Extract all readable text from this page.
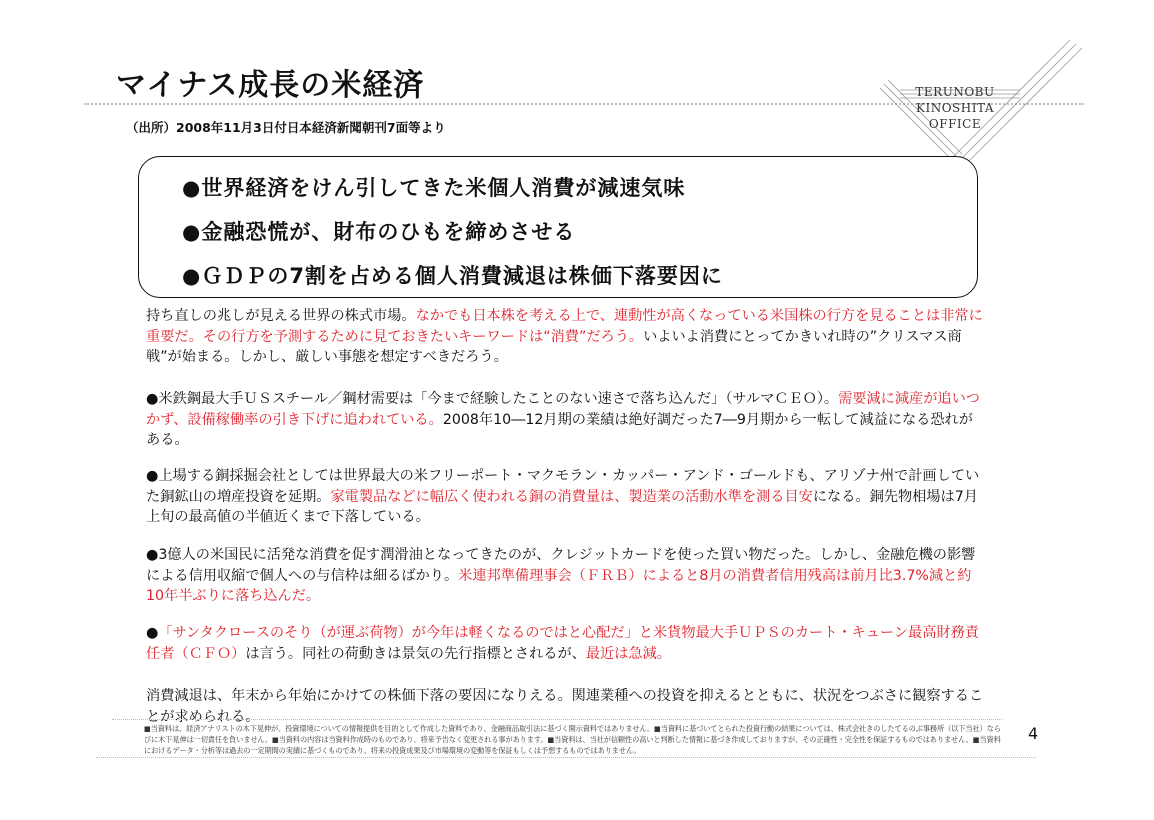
マイナス成長の米経済
（出所）2008年11月3日付日本経済新聞朝刊7面等より
TERUNOBU
KINOSHITA
OFFICE
●世界経済をけん引してきた米個人消費が減速気味
●金融恐慌が、財布のひもを締めさせる
●ＧＤＰの7割を占める個人消費減退は株価下落要因に
持ち直しの兆しが見える世界の株式市場。なかでも日本株を考える上で、連動性が高くなっている米国株の行方を見ることは非常に重要だ。その行方を予測するために見ておきたいキーワードは“消費”だろう。いよいよ消費にとってかきいれ時の”クリスマス商戦”が始まる。しかし、厳しい事態を想定すべきだろう。
●米鉄鋼最大手ＵＳスチール／鋼材需要は「今まで経験したことのない速さで落ち込んだ」（サルマＣＥＯ）。需要減に減産が追いつかず、設備稼働率の引き下げに追われている。2008年10―12月期の業績は絶好調だった7―9月期から一転して減益になる恐れがある。
●上場する銅採掘会社としては世界最大の米フリーポート・マクモラン・カッパー・アンド・ゴールドも、アリゾナ州で計画していた銅鉱山の増産投資を延期。家電製品などに幅広く使われる銅の消費量は、製造業の活動水準を測る目安になる。銅先物相場は7月上旬の最高値の半値近くまで下落している。
●3億人の米国民に活発な消費を促す潤滑油となってきたのが、クレジットカードを使った買い物だった。しかし、金融危機の影響による信用収縮で個人への与信枠は細るばかり。米連邦準備理事会（ＦＲＢ）によると8月の消費者信用残高は前月比3.7%減と約10年半ぶりに落ち込んだ。
●「サンタクロースのそり（が運ぶ荷物）が今年は軽くなるのではと心配だ」と米貨物最大手ＵＰＳのカート・キューン最高財務責任者（ＣＦＯ）は言う。同社の荷動きは景気の先行指標とされるが、最近は急減。
消費減退は、年末から年始にかけての株価下落の要因になりえる。関連業種への投資を抑えるとともに、状況をつぶさに観察することが求められる。
■当資料は、経済アナリストの木下晃伸が、投資環境についての情報提供を目的として作成した資料であり、金融商品取引法に基づく開示資料ではありません。■当資料に基づいてとられた投資行動の結果については、株式会社きのしたてるのぶ事務所（以下当社）ならびに木下晃伸は一切責任を負いません。■当資料の内容は当資料作成時のものであり、将来予告なく変更される事があります。■当資料は、当社が信頼性の高いと判断した情報に基づき作成しておりますが、その正確性・完全性を保証するものではありません。■当資料におけるデータ・分析等は過去の一定期間の実績に基づくものであり、将来の投資成果及び市場環境の変動等を保証もしくは予想するものではありません。
4
